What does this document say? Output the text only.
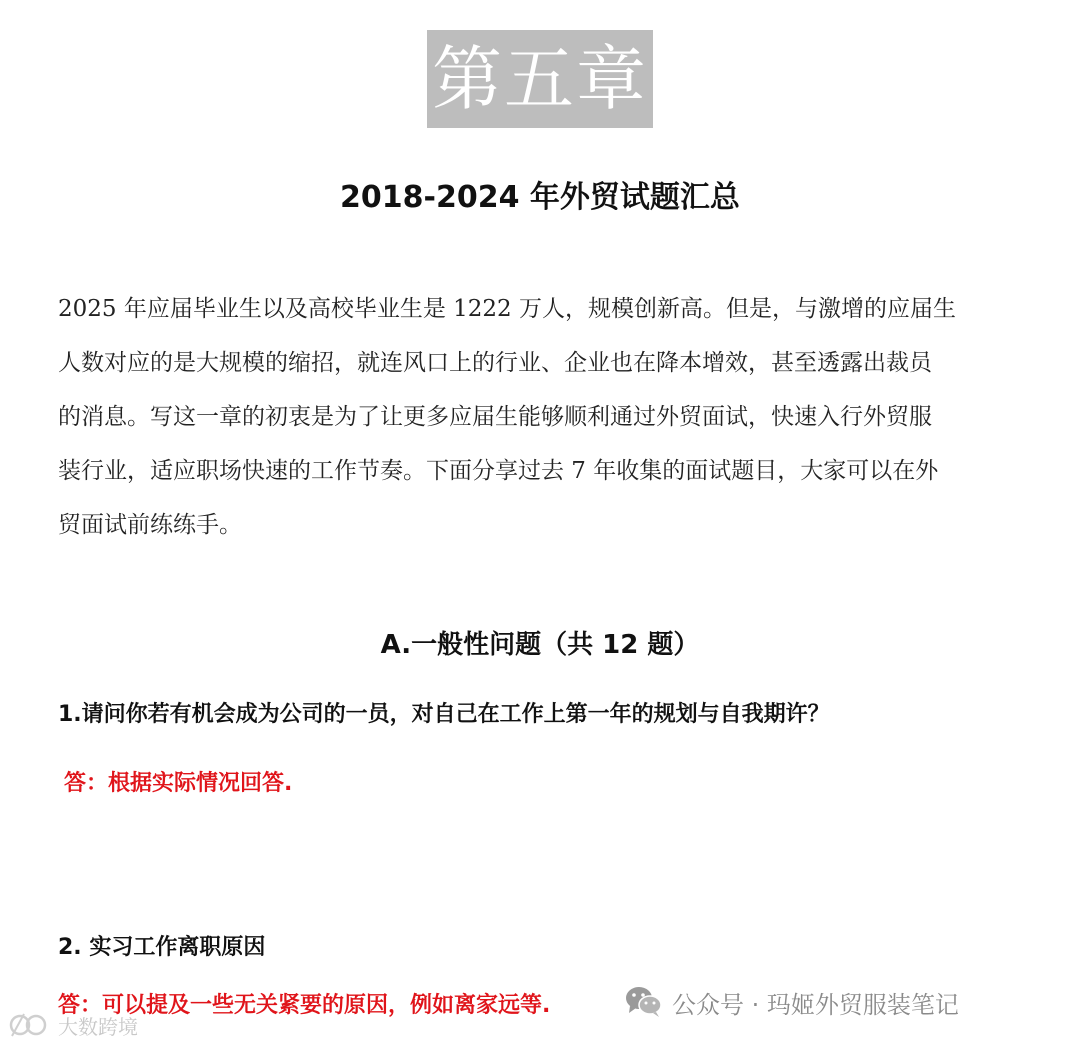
第五章
2018-2024 年外贸试题汇总
2025 年应届毕业生以及高校毕业生是 1222 万人，规模创新高。但是，与激增的应届生
人数对应的是大规模的缩招，就连风口上的行业、企业也在降本增效，甚至透露出裁员
的消息。写这一章的初衷是为了让更多应届生能够顺利通过外贸面试，快速入行外贸服
装行业，适应职场快速的工作节奏。下面分享过去 7 年收集的面试题目，大家可以在外
贸面试前练练手。
A.一般性问题（共 12 题）
1.请问你若有机会成为公司的一员，对自己在工作上第一年的规划与自我期许？
答：根据实际情况回答.
2. 实习工作离职原因
答：可以提及一些无关紧要的原因，例如离家远等.	公众号 · 玛姬外贸服装笔记
大数跨境
